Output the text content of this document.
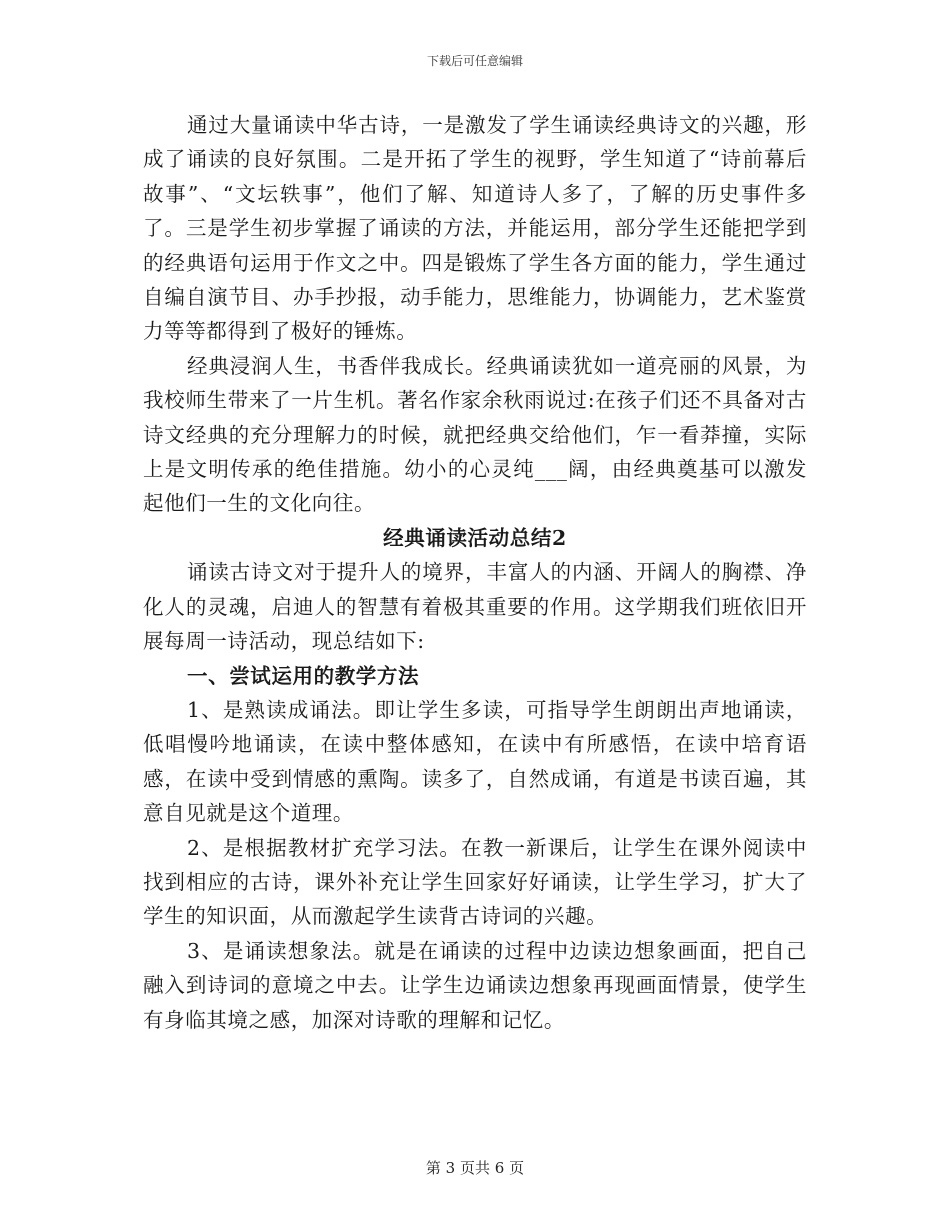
下载后可任意编辑

通过大量诵读中华古诗，一是激发了学生诵读经典诗文的兴趣，形成了诵读的良好氛围。二是开拓了学生的视野，学生知道了“诗前幕后故事”、“文坛轶事”，他们了解、知道诗人多了，了解的历史事件多了。三是学生初步掌握了诵读的方法，并能运用，部分学生还能把学到的经典语句运用于作文之中。四是锻炼了学生各方面的能力，学生通过自编自演节目、办手抄报，动手能力，思维能力，协调能力，艺术鉴赏力等等都得到了极好的锤炼。

经典浸润人生，书香伴我成长。经典诵读犹如一道亮丽的风景，为我校师生带来了一片生机。著名作家余秋雨说过:在孩子们还不具备对古诗文经典的充分理解力的时候，就把经典交给他们，乍一看莽撞，实际上是文明传承的绝佳措施。幼小的心灵纯___阔，由经典奠基可以激发起他们一生的文化向往。

经典诵读活动总结2

诵读古诗文对于提升人的境界，丰富人的内涵、开阔人的胸襟、净化人的灵魂，启迪人的智慧有着极其重要的作用。这学期我们班依旧开展每周一诗活动，现总结如下:

一、尝试运用的教学方法

1、是熟读成诵法。即让学生多读，可指导学生朗朗出声地诵读，低唱慢吟地诵读，在读中整体感知，在读中有所感悟，在读中培育语感，在读中受到情感的熏陶。读多了，自然成诵，有道是书读百遍，其意自见就是这个道理。

2、是根据教材扩充学习法。在教一新课后，让学生在课外阅读中找到相应的古诗，课外补充让学生回家好好诵读，让学生学习，扩大了学生的知识面，从而激起学生读背古诗词的兴趣。

3、是诵读想象法。就是在诵读的过程中边读边想象画面，把自己融入到诗词的意境之中去。让学生边诵读边想象再现画面情景，使学生有身临其境之感，加深对诗歌的理解和记忆。

第 3 页共 6 页
